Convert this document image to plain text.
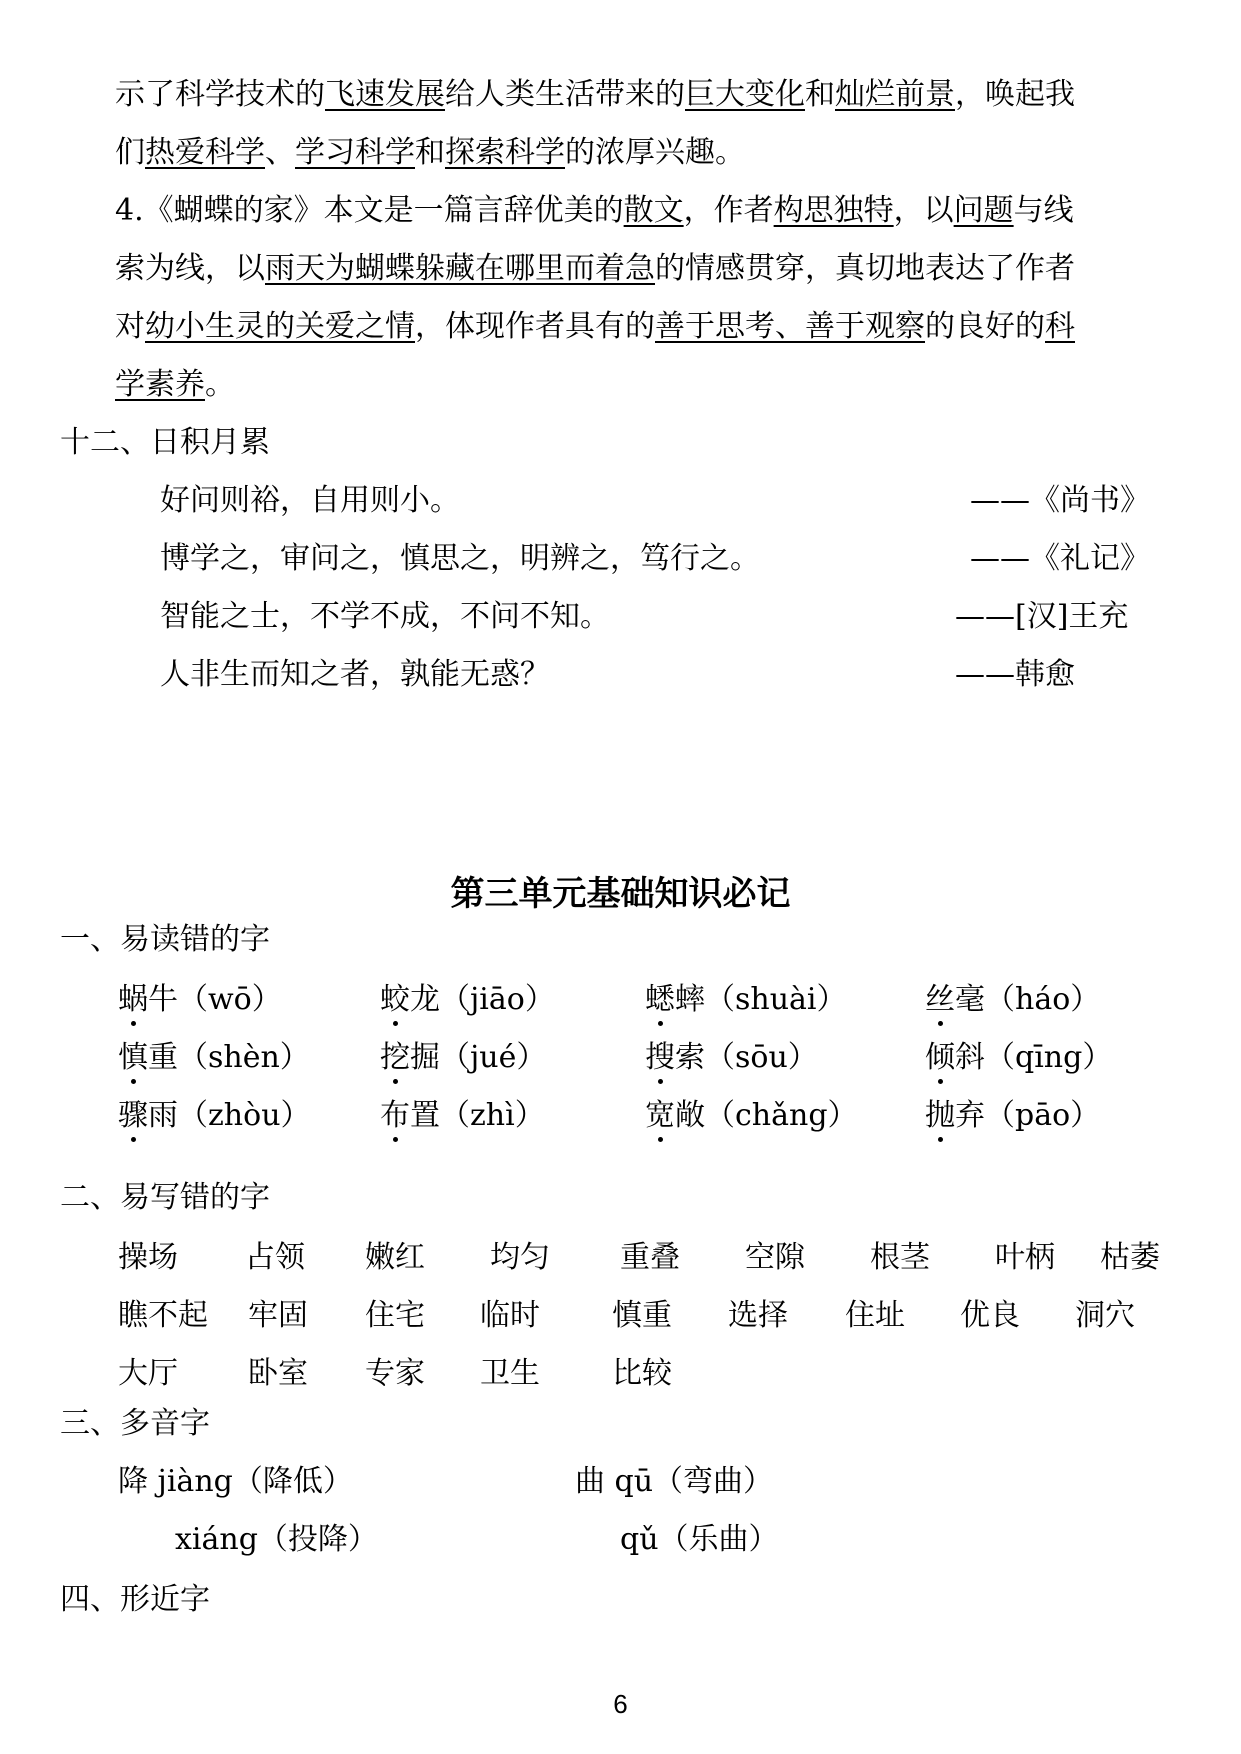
示了科学技术的飞速发展给人类生活带来的巨大变化和灿烂前景，唤起我
们热爱科学、学习科学和探索科学的浓厚兴趣。
4.《蝴蝶的家》本文是一篇言辞优美的散文，作者构思独特，以问题与线
索为线，以雨天为蝴蝶躲藏在哪里而着急的情感贯穿，真切地表达了作者
对幼小生灵的关爱之情，体现作者具有的善于思考、善于观察的良好的科
学素养。
十二、日积月累
好问则裕，自用则小。	——《尚书》
博学之，审问之，慎思之，明辨之，笃行之。	——《礼记》
智能之士，不学不成，不问不知。	——[汉]王充
人非生而知之者，孰能无惑？	——韩愈
第三单元基础知识必记
一、易读错的字
蜗牛（wō）	蛟龙（jiāo）	蟋蟀（shuài）	丝毫（háo）
慎重（shèn） 挖掘（jué）	搜索（sōu）	倾斜（qīng）
骤雨（zhòu） 布置（zhì）	宽敞（chǎng） 抛弃（pāo）
二、易写错的字
操场 占领 嫩红 均匀 重叠 空隙 根茎 叶柄 枯萎
瞧不起 牢固 住宅 临时 慎重 选择 住址 优良 洞穴
大厅 卧室 专家 卫生 比较
三、多音字
降 jiàng（降低）	曲 qū（弯曲）
xiáng（投降）	qǔ（乐曲）
四、形近字
6
